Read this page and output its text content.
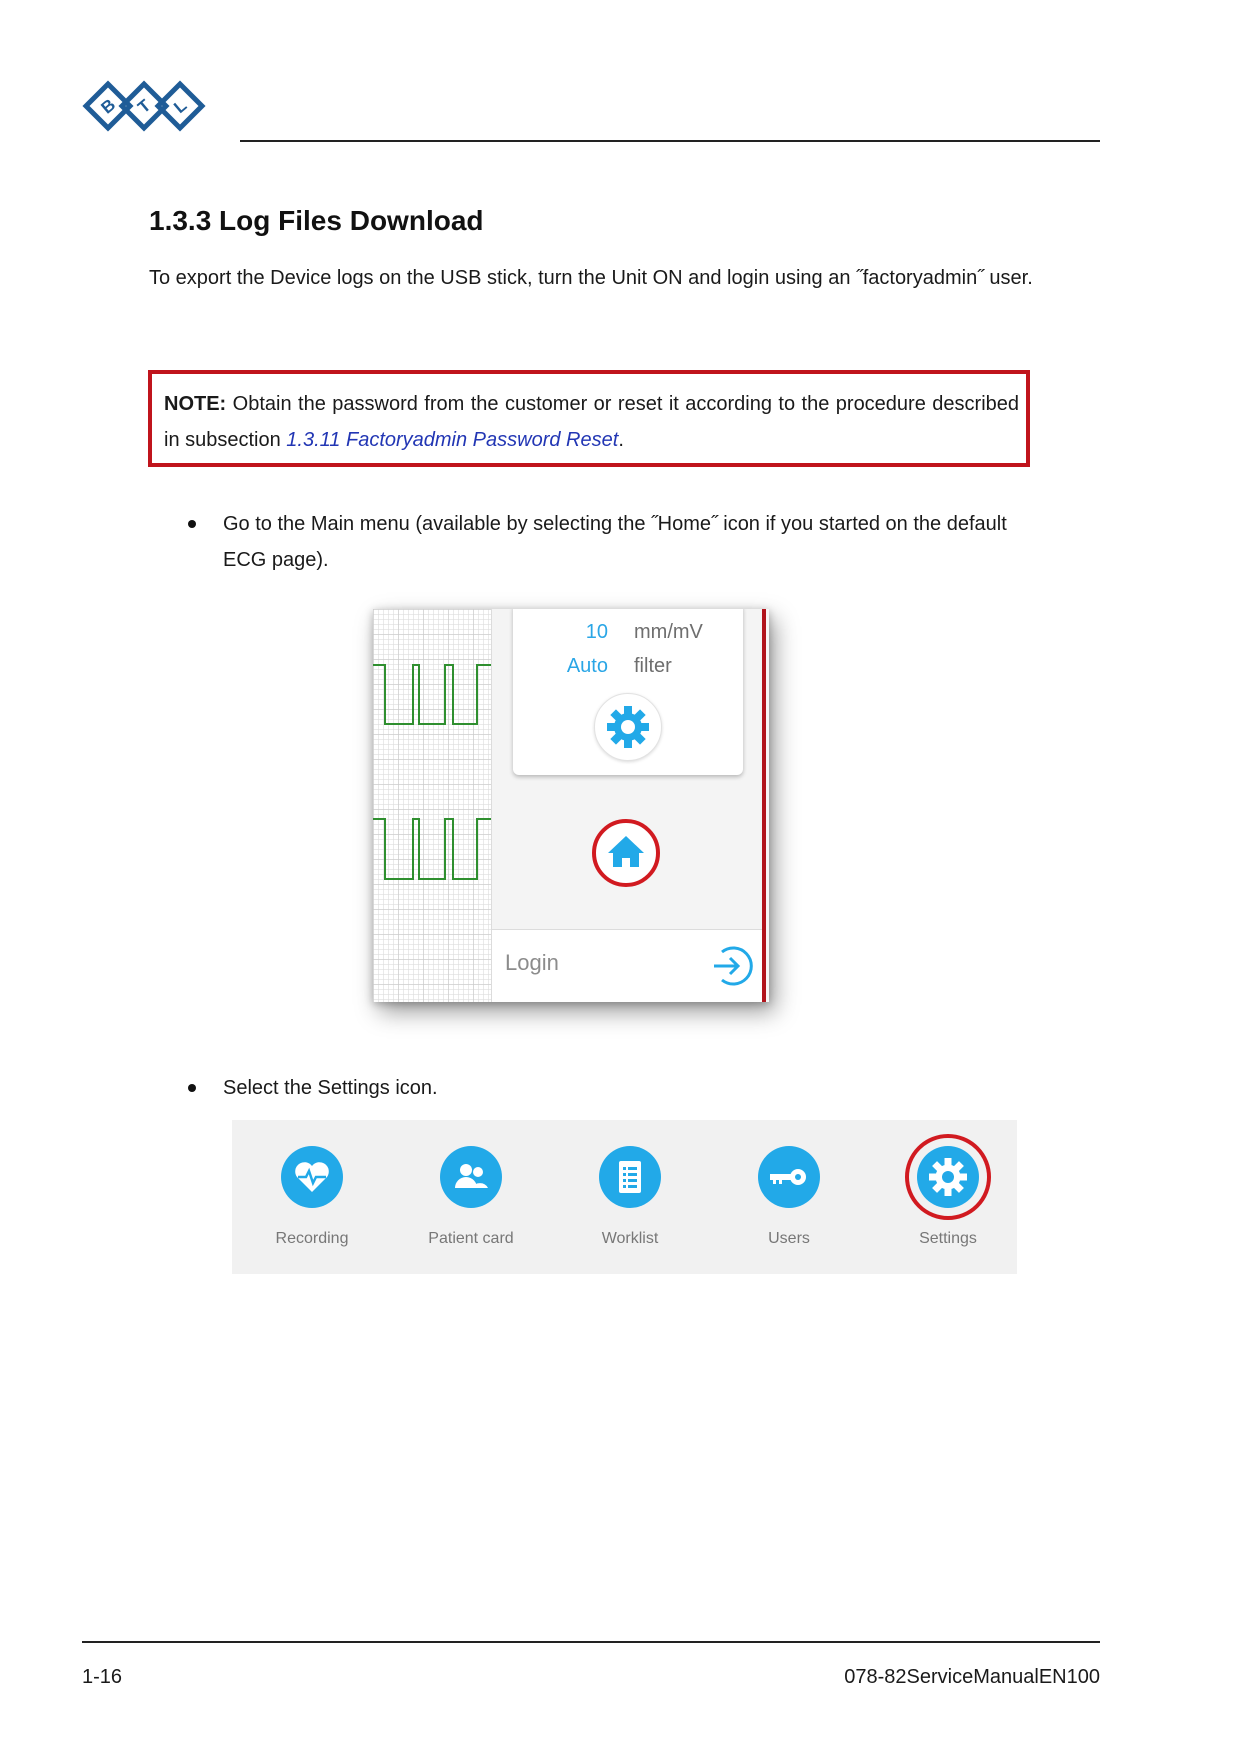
B T L
1.3.3 Log Files Download
To export the Device logs on the USB stick, turn the Unit ON and login using an ˝factoryadmin˝ user.
NOTE: Obtain the password from the customer or reset it according to the procedure described in subsection 1.3.11 Factoryadmin Password Reset.
Go to the Main menu (available by selecting the ˝Home˝ icon if you started on the default ECG page).
10 mm/mV
Auto filter
Login
Select the Settings icon.
Recording	Patient card	Worklist	Users	Settings
1-16	078-82ServiceManualEN100
